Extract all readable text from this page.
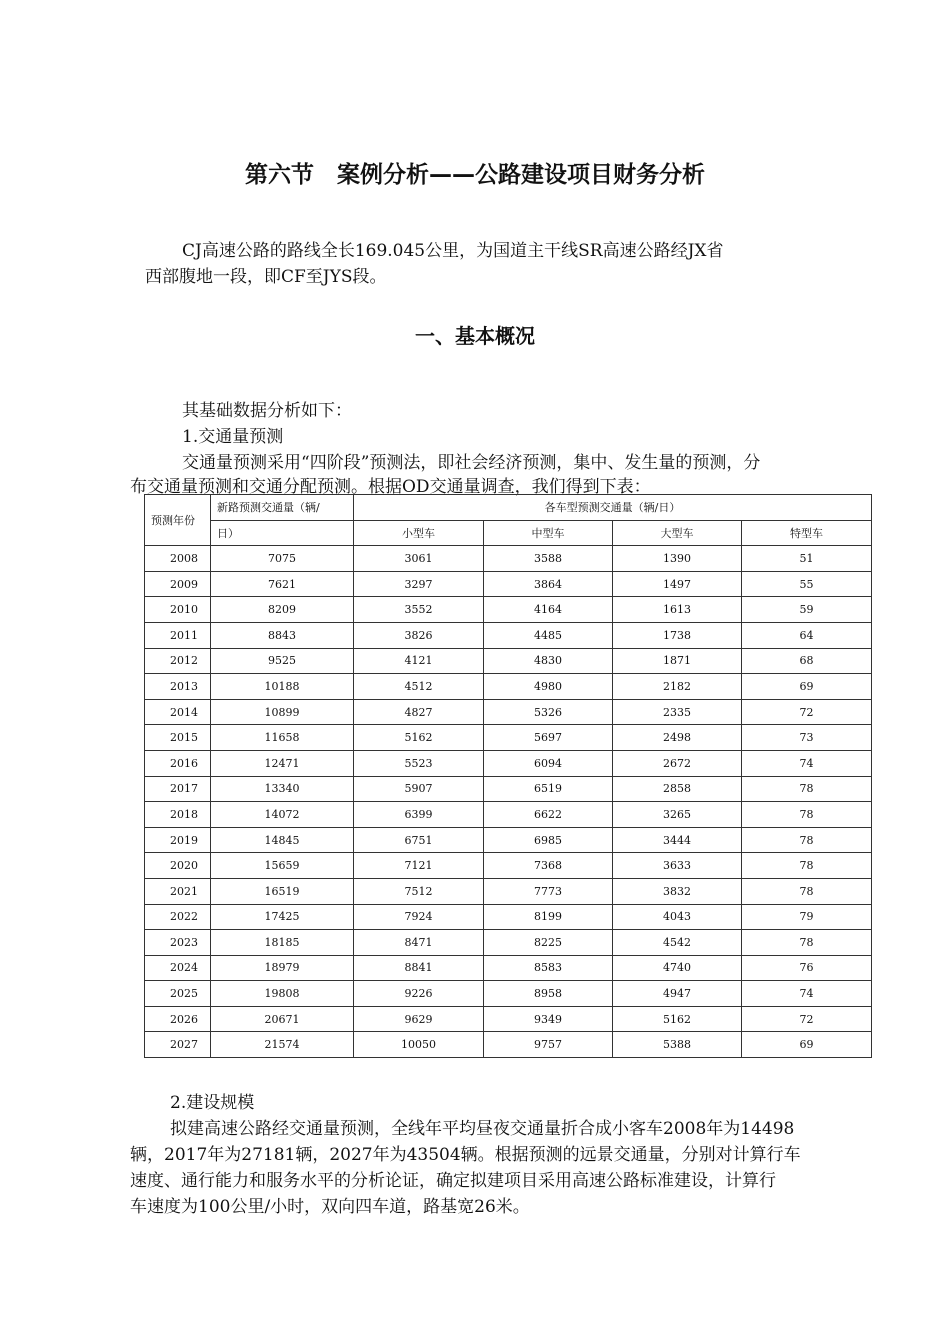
第六节　案例分析——公路建设项目财务分析
CJ高速公路的路线全长169.045公里，为国道主干线SR高速公路经JX省
西部腹地一段，即CF至JYS段。
一、基本概况
其基础数据分析如下：
1.交通量预测
交通量预测采用“四阶段”预测法，即社会经济预测，集中、发生量的预测，分
布交通量预测和交通分配预测。根据OD交通量调查，我们得到下表：
预测年份	新路预测交通量（辆/	各车型预测交通量（辆/日）			
	日）	小型车	中型车	大型车	特型车
2008	7075	3061	3588	1390	51
2009	7621	3297	3864	1497	55
2010	8209	3552	4164	1613	59
2011	8843	3826	4485	1738	64
2012	9525	4121	4830	1871	68
2013	10188	4512	4980	2182	69
2014	10899	4827	5326	2335	72
2015	11658	5162	5697	2498	73
2016	12471	5523	6094	2672	74
2017	13340	5907	6519	2858	78
2018	14072	6399	6622	3265	78
2019	14845	6751	6985	3444	78
2020	15659	7121	7368	3633	78
2021	16519	7512	7773	3832	78
2022	17425	7924	8199	4043	79
2023	18185	8471	8225	4542	78
2024	18979	8841	8583	4740	76
2025	19808	9226	8958	4947	74
2026	20671	9629	9349	5162	72
2027	21574	10050	9757	5388	69
2.建设规模
拟建高速公路经交通量预测，全线年平均昼夜交通量折合成小客车2008年为14498
辆，2017年为27181辆，2027年为43504辆。根据预测的远景交通量，分别对计算行车
速度、通行能力和服务水平的分析论证，确定拟建项目采用高速公路标准建设，计算行
车速度为100公里/小时，双向四车道，路基宽26米。
